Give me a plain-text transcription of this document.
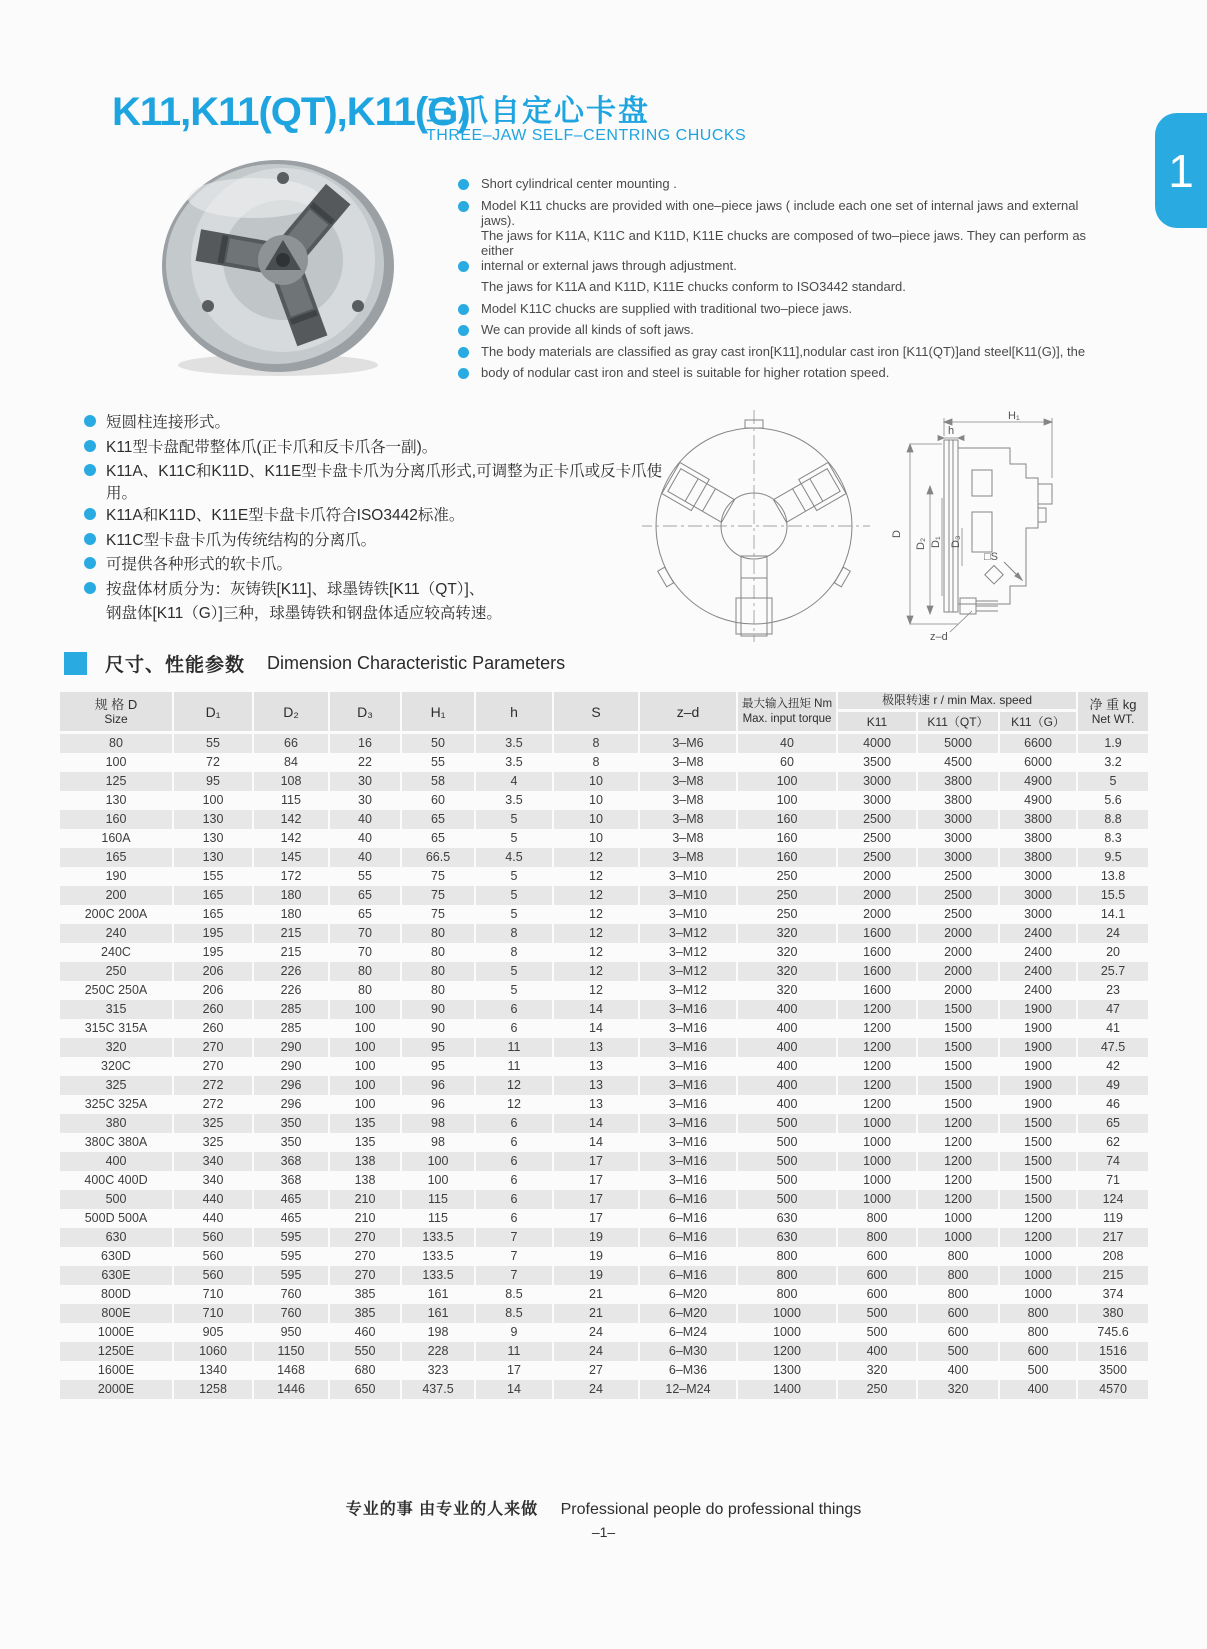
K11,K11(QT),K11(G)
三爪自定心卡盘
THREE–JAW SELF–CENTRING CHUCKS
1
Short cylindrical center mounting .
Model K11 chucks are provided with one–piece jaws ( include each one set of internal jaws and external jaws).
The jaws for K11A, K11C and K11D, K11E chucks are composed of two–piece jaws. They can perform as either
internal or external jaws through adjustment.
The jaws for K11A and K11D, K11E chucks conform to ISO3442 standard.
Model K11C chucks are supplied with traditional two–piece jaws.
We can provide all kinds of soft jaws.
The body materials are classified as gray cast iron[K11],nodular cast iron [K11(QT)]and steel[K11(G)], the
body of nodular cast iron and steel is suitable for higher rotation speed.
短圆柱连接形式。
K11型卡盘配带整体爪(正卡爪和反卡爪各一副)。
K11A、K11C和K11D、K11E型卡盘卡爪为分离爪形式,可调整为正卡爪或反卡爪使用。
K11A和K11D、K11E型卡盘卡爪符合ISO3442标准。
K11C型卡盘卡爪为传统结构的分离爪。
可提供各种形式的软卡爪。
按盘体材质分为：灰铸铁[K11]、球墨铸铁[K11（QT）]、
钢盘体[K11（G）]三种，球墨铸铁和钢盘体适应较高转速。
H₁
h
D
D₂ D₁ D₃
□S
z–d
尺寸、性能参数 Dimension Characteristic Parameters
规 格 D
Size	D₁	D₂	D₃	H₁	h	S	z–d	最大输入扭矩 Nm
Max. input torque	极限转速 r / min Max. speed			净 重 kg
Net WT.

									K11	K11（QT）	K11（G）	
80	55	66	16	50	3.5	8	3–M6	40	4000	5000	6600	1.9
100	72	84	22	55	3.5	8	3–M8	60	3500	4500	6000	3.2
125	95	108	30	58	4	10	3–M8	100	3000	3800	4900	5
130	100	115	30	60	3.5	10	3–M8	100	3000	3800	4900	5.6
160	130	142	40	65	5	10	3–M8	160	2500	3000	3800	8.8
160A	130	142	40	65	5	10	3–M8	160	2500	3000	3800	8.3
165	130	145	40	66.5	4.5	12	3–M8	160	2500	3000	3800	9.5
190	155	172	55	75	5	12	3–M10	250	2000	2500	3000	13.8
200	165	180	65	75	5	12	3–M10	250	2000	2500	3000	15.5
200C 200A	165	180	65	75	5	12	3–M10	250	2000	2500	3000	14.1
240	195	215	70	80	8	12	3–M12	320	1600	2000	2400	24
240C	195	215	70	80	8	12	3–M12	320	1600	2000	2400	20
250	206	226	80	80	5	12	3–M12	320	1600	2000	2400	25.7
250C 250A	206	226	80	80	5	12	3–M12	320	1600	2000	2400	23
315	260	285	100	90	6	14	3–M16	400	1200	1500	1900	47
315C 315A	260	285	100	90	6	14	3–M16	400	1200	1500	1900	41
320	270	290	100	95	11	13	3–M16	400	1200	1500	1900	47.5
320C	270	290	100	95	11	13	3–M16	400	1200	1500	1900	42
325	272	296	100	96	12	13	3–M16	400	1200	1500	1900	49
325C 325A	272	296	100	96	12	13	3–M16	400	1200	1500	1900	46
380	325	350	135	98	6	14	3–M16	500	1000	1200	1500	65
380C 380A	325	350	135	98	6	14	3–M16	500	1000	1200	1500	62
400	340	368	138	100	6	17	3–M16	500	1000	1200	1500	74
400C 400D	340	368	138	100	6	17	3–M16	500	1000	1200	1500	71
500	440	465	210	115	6	17	6–M16	500	1000	1200	1500	124
500D 500A	440	465	210	115	6	17	6–M16	630	800	1000	1200	119
630	560	595	270	133.5	7	19	6–M16	630	800	1000	1200	217
630D	560	595	270	133.5	7	19	6–M16	800	600	800	1000	208
630E	560	595	270	133.5	7	19	6–M16	800	600	800	1000	215
800D	710	760	385	161	8.5	21	6–M20	800	600	800	1000	374
800E	710	760	385	161	8.5	21	6–M20	1000	500	600	800	380
1000E	905	950	460	198	9	24	6–M24	1000	500	600	800	745.6
1250E	1060	1150	550	228	11	24	6–M30	1200	400	500	600	1516
1600E	1340	1468	680	323	17	27	6–M36	1300	320	400	500	3500
2000E	1258	1446	650	437.5	14	24	12–M24	1400	250	320	400	4570
专业的事 由专业的人来做 Professional people do professional things
–1–
